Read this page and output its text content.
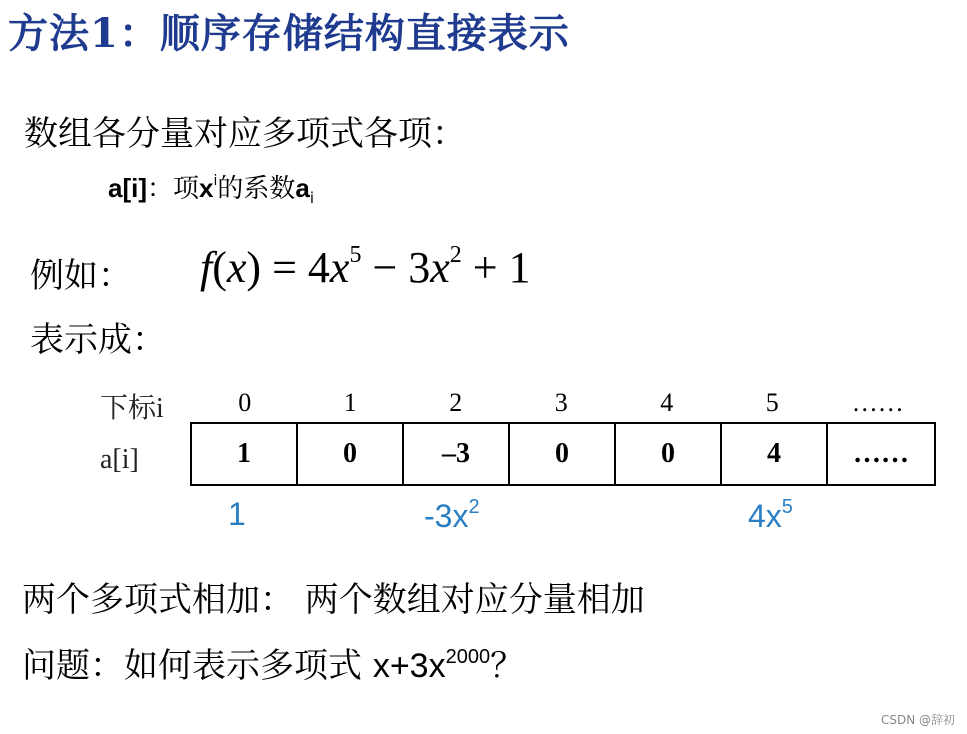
方法1：顺序存储结构直接表示
数组各分量对应多项式各项：
a[i]：项$x^i$的系数$a_i$
例如： $f(x) = 4x^5 - 3x^2 + 1$
表示成：
下标i	0	1	2	3	4	5	……
a[i]	1	0	–3	0	0	4	……
1	$-3x^2$	$4x^5$
两个多项式相加： 两个数组对应分量相加
问题：如何表示多项式 $x+3x^{2000}$？
CSDN @辞初
